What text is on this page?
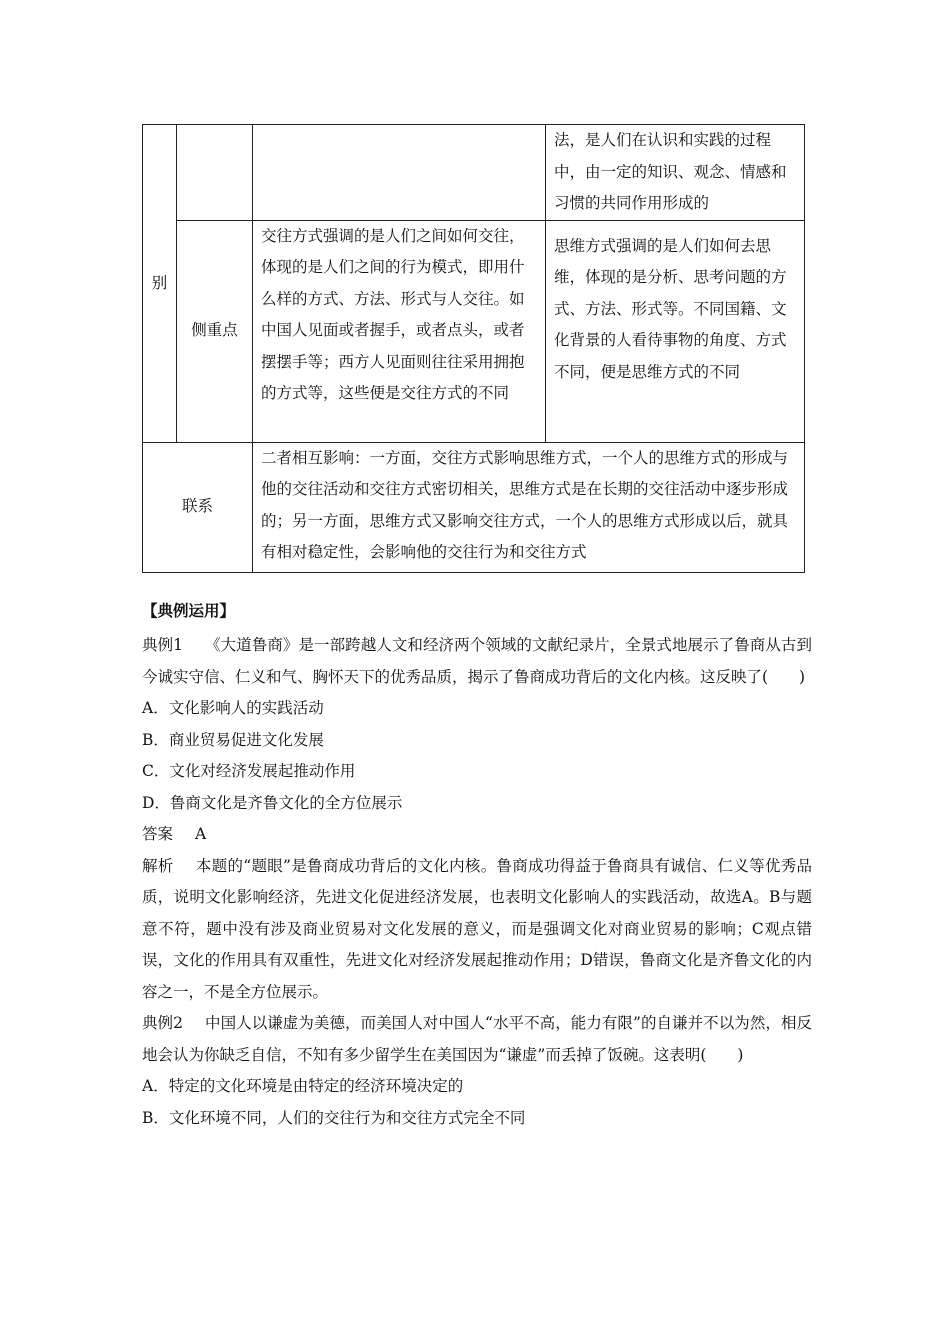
别			法，是人们在认识和实践的过程中，由一定的知识、观念、情感和习惯的共同作用形成的
	侧重点	交往方式强调的是人们之间如何交往，体现的是人们之间的行为模式，即用什么样的方式、方法、形式与人交往。如中国人见面或者握手，或者点头，或者摆摆手等；西方人见面则往往采用拥抱的方式等，这些便是交往方式的不同	思维方式强调的是人们如何去思维，体现的是分析、思考问题的方式、方法、形式等。不同国籍、文化背景的人看待事物的角度、方式不同，便是思维方式的不同
联系		二者相互影响：一方面，交往方式影响思维方式，一个人的思维方式的形成与他的交往活动和交往方式密切相关，思维方式是在长期的交往活动中逐步形成的；另一方面，思维方式又影响交往方式，一个人的思维方式形成以后，就具有相对稳定性，会影响他的交往行为和交往方式	
【典例运用】

典例1 《大道鲁商》是一部跨越人文和经济两个领域的文献纪录片，全景式地展示了鲁商从古到今诚实守信、仁义和气、胸怀天下的优秀品质，揭示了鲁商成功背后的文化内核。这反映了(　　)

A．文化影响人的实践活动

B．商业贸易促进文化发展

C．文化对经济发展起推动作用

D．鲁商文化是齐鲁文化的全方位展示

答案 A

解析 本题的“题眼”是鲁商成功背后的文化内核。鲁商成功得益于鲁商具有诚信、仁义等优秀品质，说明文化影响经济，先进文化促进经济发展，也表明文化影响人的实践活动，故选A。B与题意不符，题中没有涉及商业贸易对文化发展的意义，而是强调文化对商业贸易的影响；C观点错误，文化的作用具有双重性，先进文化对经济发展起推动作用；D错误，鲁商文化是齐鲁文化的内容之一，不是全方位展示。

典例2 中国人以谦虚为美德，而美国人对中国人“水平不高，能力有限”的自谦并不以为然，相反地会认为你缺乏自信，不知有多少留学生在美国因为“谦虚”而丢掉了饭碗。这表明(　　)

A．特定的文化环境是由特定的经济环境决定的

B．文化环境不同，人们的交往行为和交往方式完全不同
